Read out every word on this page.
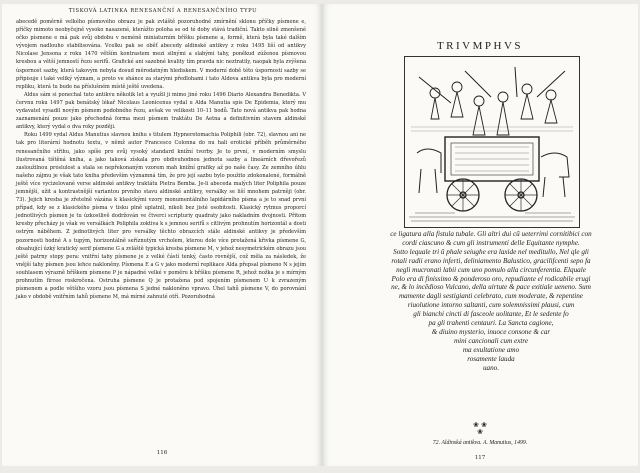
TISKOVÁ LATINKA RENESANČNÍ A RENESANČNÍHO TYPU

abecedě poměrně velkého písmového obrazu je pak zvláště pozoruhodné zmírnění sklonu příčky písmene e, příčky mimoto neobyčejně vysoko nasazené, kterážto poloha se od té doby stává tradiční. Takto silně zmenšené očko písmene e má pak svůj obdobu v neméně miniaturním bříšku písmene a, formě, která byla také dalším vývojem nadlouho stabilisována. Vcelku pak se oběť abecedy aldinské antikvy z roku 1495 liší od antikvy Nicolase Jensona z roku 1470 větším kontrastem mezi silnými a slabými tahy, poněkud zúženou písmovou kresbou a větší jemností řezu serifů. Grafické ani sazebné kvality tím pravda nic neztratily, naopak byla zvýšena úspornost sazby, která takovým nebyla dosud měrodatným hlediskem. V moderní době této úspornosti sazby se připisuje i také veliký význam, a proto ve shánce za starými předlohami i tato Aldova antikva byla pro moderní repliku, která tu bude na příslušném místě ještě uvedena.

Aldus sám si ponechal tuto antikvu několik let a využil ji mimo jiné roku 1496 Diario Alexandra Benedikta. V červnu roku 1497 pak benátský lékař Nicolaus Leonicenus vydal u Alda Manutia spis De Epidemia, který mu vydavatel vysadil novým písmem podobného řezu, avšak ve velikosti 10–11 bodů. Tato nová antikva pak hodna zaznamenání pouze jako přechodná forma mezi písmem traktátu De Aetna a definitivním stavem aldinské antikvy, který vydal o dva roky později.

Roku 1499 vydal Aldus Manutius slavnou knihu s titulem Hypnerotomachia Poliphili (obr. 72), slavnou ani ne tak pro literární hodnotu textu, v němž autor Francesco Colonna do nu hali erotické příběh průměrného renesančního střihu, jako spíše pro svůj vysoký standard knižní tvorby. Je to první, v moderním smyslu ilustrovaná tištěná kniha, a jako taková získala pro obdivuhodnou jednotu sazby a lineárních dřevořezů zasloužilnou proslulost a stala se nepřekonaným vzorem mah knižní grafiky až po naše časy. Ze zemního úhlu našeho zájmu je však tato kniha především významná tím, že pro její sazbu bylo použito zdokonalené, formálně ještě více vycizelované verse aldinské antikvy traktátu Pietra Bemba. Je-li abeceda malých liter Poliphila pouze jemnější, užit a kontrastnější variantou prvního stavu aldinské antikvy, versálky se liší mnohem patrněji (obr. 73). Jejich kresba je zřetelně vázána k klasickými vzory monumentálního lapidárního písma a je to snad první případ, kdy se z klasického písma v tisku plně uplatnil, nikoli bez jisté osobitosti. Klasický rytmus proporcí jednotlivých písmen je tu úzkostlivě dodržován ve čtverci scripturiy quadraty jako nakladním dvojnosti. Přitom kresby přecházy je však ve versálkách Poliphila zoktiva k s jemnou serifů s citlivým prohnutím horizontál a dosti ostrým náběhem. Z jednotlivých liter pro versálky těchto obrazcích stále aldinské antikvy je především pozornosti hodné A s tupým, horizontálně seříznutým vrcholem, kterou dole více protažená křivka písmene G, obsahující úzký kratický serif písmene G a zvláště typická kresba písmene M, v jehož nesymetrickém obrazu jsou ještě patrny stopy pera: vnitřní tahy písmene je z velké částí tenký, často rovnější, což měla za následek, že vnější tahy písmen jsou lehce nakloněny. Písmena E a G v jako moderní replikace Alda přepsal písmeno N s jejím souhlasem výrazně bříškem písmene P je nápadné velké v poměru k bříšku písmene R, jehož nožka je s mírným prohnutím fírcee roskročena. Ostruha písmene Q je protažena pod spojením písmenem U k zvrazeným písmenem a podle většího vzoru jsou písmena S jedné nakloněno vpravo. Úhel tahů písmene V, do porovnání jako v obdobě vnitřním tahů písmene M, má mírné zahnuté otří. Pozoruhodná

116
TRIVMPHVS
ce ligatura alla fistula tubale. Gli altri dui cũ ueterrimi cornitibici con
cordi ciascuno & cum gli instrumenti delle Equitante nymphe.
Sotto lequale tri ũ phale seiughe era laxide nel meditullo, Nel qle gli
rotali radii erano inferti, deliniamento Balustico, gracilifcenti sepo fa
negli mucronati labii cum uno pomulo alla circunferentia. Elquale
Polo era di finissimo & ponderoso oro, repudiante el rodicabile erugi
ne, & lo incẽdioso Vulcano, della uirtute & pace exitiale ueneno. Sum
mamente dagli sestigianti celebrato, cum moderate, & repentine
riuolutione intorno saltanti, cum solemnissimi plausi, cum
gli bianchi cincti di fasceole uolitante, Et le sedente fo
pa gli trahenti centauri. La Sancta cagione,
& diuino mysterio, inuoce consone & car
mini cancionali cum extre
ma exultatione amo
rosamente lauda
uano.
❀ ❀
❀
72. Aldinská antikva. A. Manutius, 1499.
117
